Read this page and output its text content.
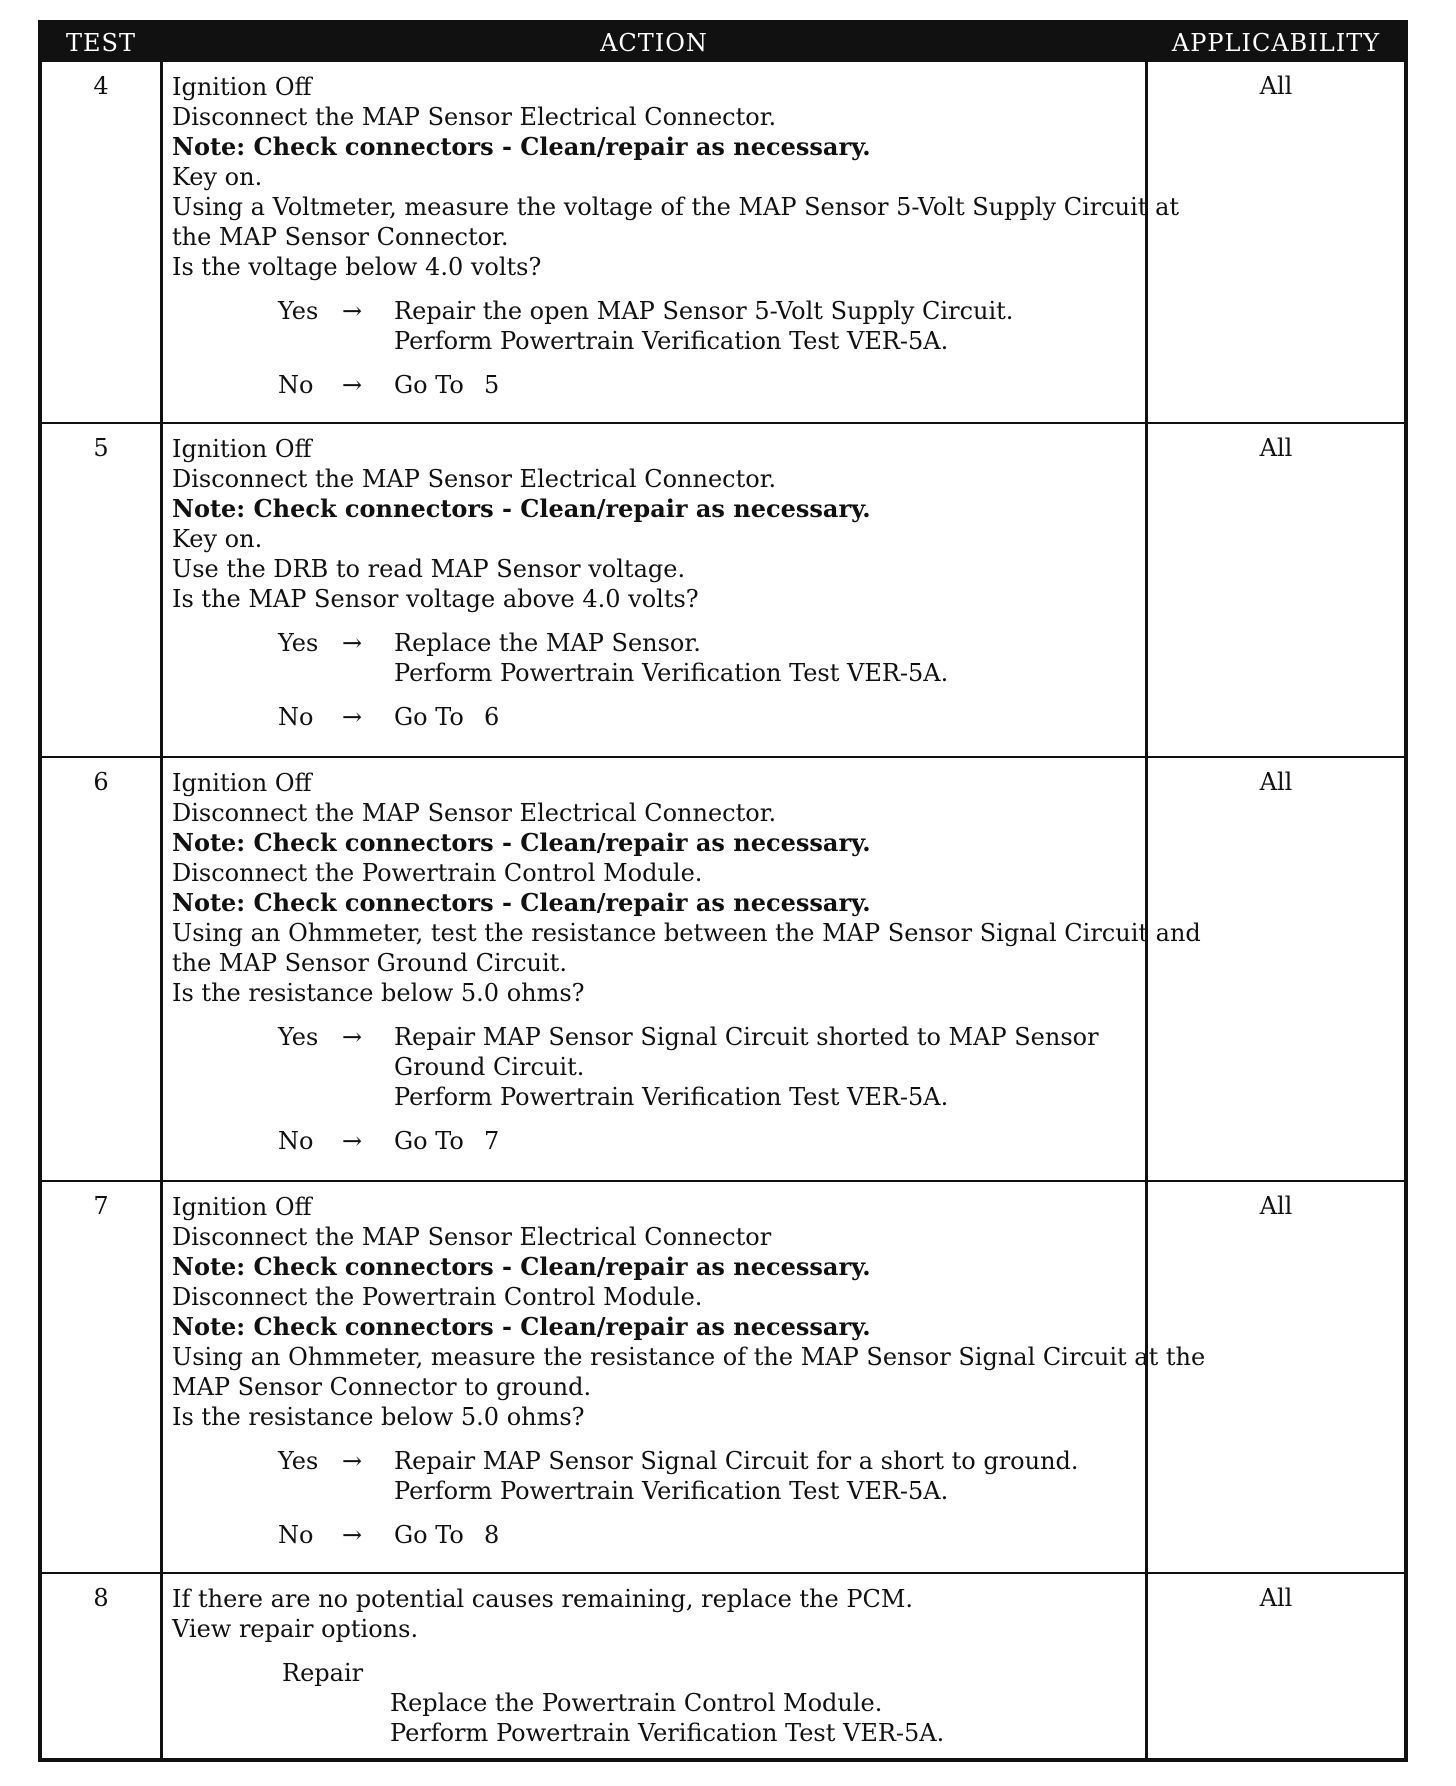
TEST	ACTION	APPLICABILITY
4	Ignition Off
Disconnect the MAP Sensor Electrical Connector.
Note: Check connectors - Clean/repair as necessary.
Key on.
Using a Voltmeter, measure the voltage of the MAP Sensor 5-Volt Supply Circuit at
the MAP Sensor Connector.
Is the voltage below 4.0 volts?
Yes →	Repair the open MAP Sensor 5-Volt Supply Circuit.
Perform Powertrain Verification Test VER-5A.
No	→	Go To 5
All
5	Ignition Off
Disconnect the MAP Sensor Electrical Connector.
Note: Check connectors - Clean/repair as necessary.
Key on.
Use the DRB to read MAP Sensor voltage.
Is the MAP Sensor voltage above 4.0 volts?
Yes →	Replace the MAP Sensor.
Perform Powertrain Verification Test VER-5A.
No	→	Go To 6
All
6	Ignition Off
Disconnect the MAP Sensor Electrical Connector.
Note: Check connectors - Clean/repair as necessary.
Disconnect the Powertrain Control Module.
Note: Check connectors - Clean/repair as necessary.
Using an Ohmmeter, test the resistance between the MAP Sensor Signal Circuit and
the MAP Sensor Ground Circuit.
Is the resistance below 5.0 ohms?
Yes →	Repair MAP Sensor Signal Circuit shorted to MAP Sensor
Ground Circuit.
Perform Powertrain Verification Test VER-5A.
No	→	Go To 7
All
7	Ignition Off
Disconnect the MAP Sensor Electrical Connector
Note: Check connectors - Clean/repair as necessary.
Disconnect the Powertrain Control Module.
Note: Check connectors - Clean/repair as necessary.
Using an Ohmmeter, measure the resistance of the MAP Sensor Signal Circuit at the
MAP Sensor Connector to ground.
Is the resistance below 5.0 ohms?
Yes →	Repair MAP Sensor Signal Circuit for a short to ground.
Perform Powertrain Verification Test VER-5A.
No	→	Go To 8
All
8	If there are no potential causes remaining, replace the PCM.
View repair options.
Repair
Replace the Powertrain Control Module.
Perform Powertrain Verification Test VER-5A.
All
